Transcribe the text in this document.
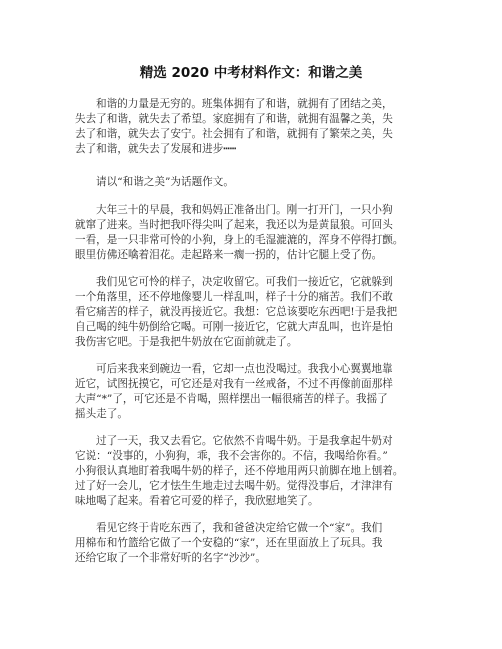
精选 2020 中考材料作文：和谐之美

和谐的力量是无穷的。班集体拥有了和谐，就拥有了团结之美，
失去了和谐，就失去了希望。家庭拥有了和谐，就拥有温馨之美，失
去了和谐，就失去了安宁。社会拥有了和谐，就拥有了繁荣之美，失
去了和谐，就失去了发展和进步┅┅

请以“和谐之美”为话题作文。

大年三十的早晨，我和妈妈正准备出门。刚一打开门，一只小狗
就窜了进来。当时把我吓得尖叫了起来，我还以为是黄鼠狼。可回头
一看，是一只非常可怜的小狗，身上的毛湿漉漉的，浑身不停得打颤。
眼里仿佛还噙着泪花。走起路来一瘸一拐的，估计它腿上受了伤。

我们见它可怜的样子，决定收留它。可我们一接近它，它就躲到
一个角落里，还不停地像婴儿一样乱叫，样子十分的痛苦。我们不敢
看它痛苦的样子，就没再接近它。我想：它总该要吃东西吧!于是我把
自己喝的纯牛奶倒给它喝。可刚一接近它，它就大声乱叫，也许是怕
我伤害它吧。于是我把牛奶放在它面前就走了。

可后来我来到碗边一看，它却一点也没喝过。我我小心翼翼地靠
近它，试图抚摸它，可它还是对我有一丝戒备，不过不再像前面那样
大声“*”了，可它还是不肯喝，照样摆出一幅很痛苦的样子。我摇了
摇头走了。

过了一天，我又去看它。它依然不肯喝牛奶。于是我拿起牛奶对
它说：“没事的，小狗狗，乖，我不会害你的。不信，我喝给你看。”
小狗很认真地盯着我喝牛奶的样子，还不停地用两只前脚在地上刨着。
过了好一会儿，它才怯生生地走过去喝牛奶。觉得没事后，才津津有
味地喝了起来。看着它可爱的样子，我欣慰地笑了。

看见它终于肯吃东西了，我和爸爸决定给它做一个“家”。我们
用棉布和竹篮给它做了一个安稳的“家”，还在里面放上了玩具。我
还给它取了一个非常好听的名字“沙沙”。
